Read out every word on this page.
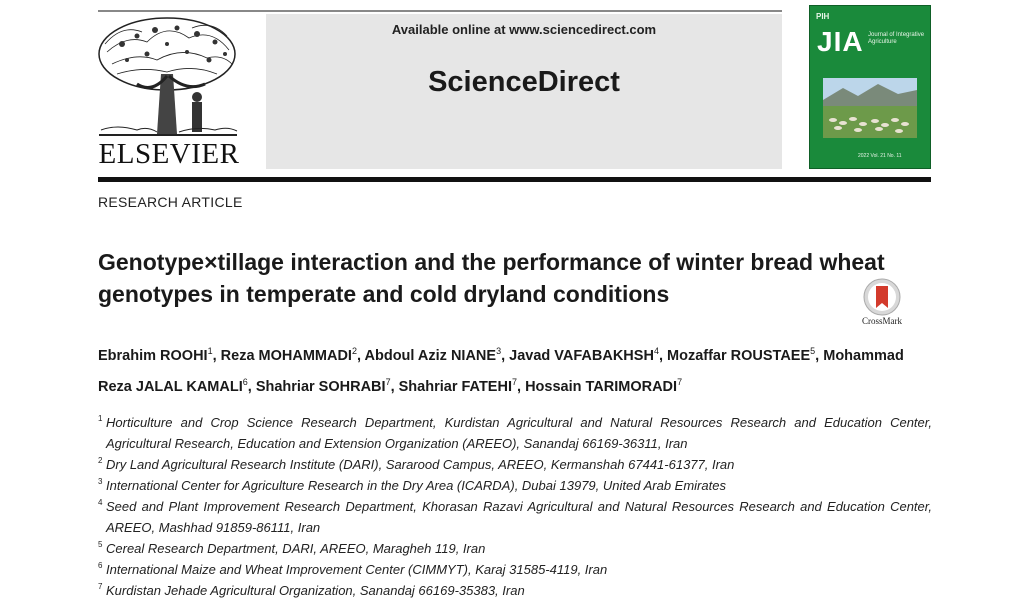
ELSEVIER
Available online at www.sciencedirect.com
ScienceDirect
PIH
JIA Journal of Integrative Agriculture
2022 Vol. 21 No. 11
RESEARCH ARTICLE
Genotype×tillage interaction and the performance of winter bread wheat genotypes in temperate and cold dryland conditions
CrossMark
Ebrahim ROOHI$^1$, Reza MOHAMMADI$^2$, Abdoul Aziz NIANE$^3$, Javad VAFABAKHSH$^4$, Mozaffar ROUSTAEE$^5$, Mohammad Reza JALAL KAMALI$^6$, Shahriar SOHRABI$^7$, Shahriar FATEHI$^7$, Hossain TARIMORADI$^7$
1 Horticulture and Crop Science Research Department, Kurdistan Agricultural and Natural Resources Research and Education Center, Agricultural Research, Education and Extension Organization (AREEO), Sanandaj 66169-36311, Iran
2 Dry Land Agricultural Research Institute (DARI), Sararood Campus, AREEO, Kermanshah 67441-61377, Iran
3 International Center for Agriculture Research in the Dry Area (ICARDA), Dubai 13979, United Arab Emirates
4 Seed and Plant Improvement Research Department, Khorasan Razavi Agricultural and Natural Resources Research and Education Center, AREEO, Mashhad 91859-86111, Iran
5 Cereal Research Department, DARI, AREEO, Maragheh 119, Iran
6 International Maize and Wheat Improvement Center (CIMMYT), Karaj 31585-4119, Iran
7 Kurdistan Jehade Agricultural Organization, Sanandaj 66169-35383, Iran
